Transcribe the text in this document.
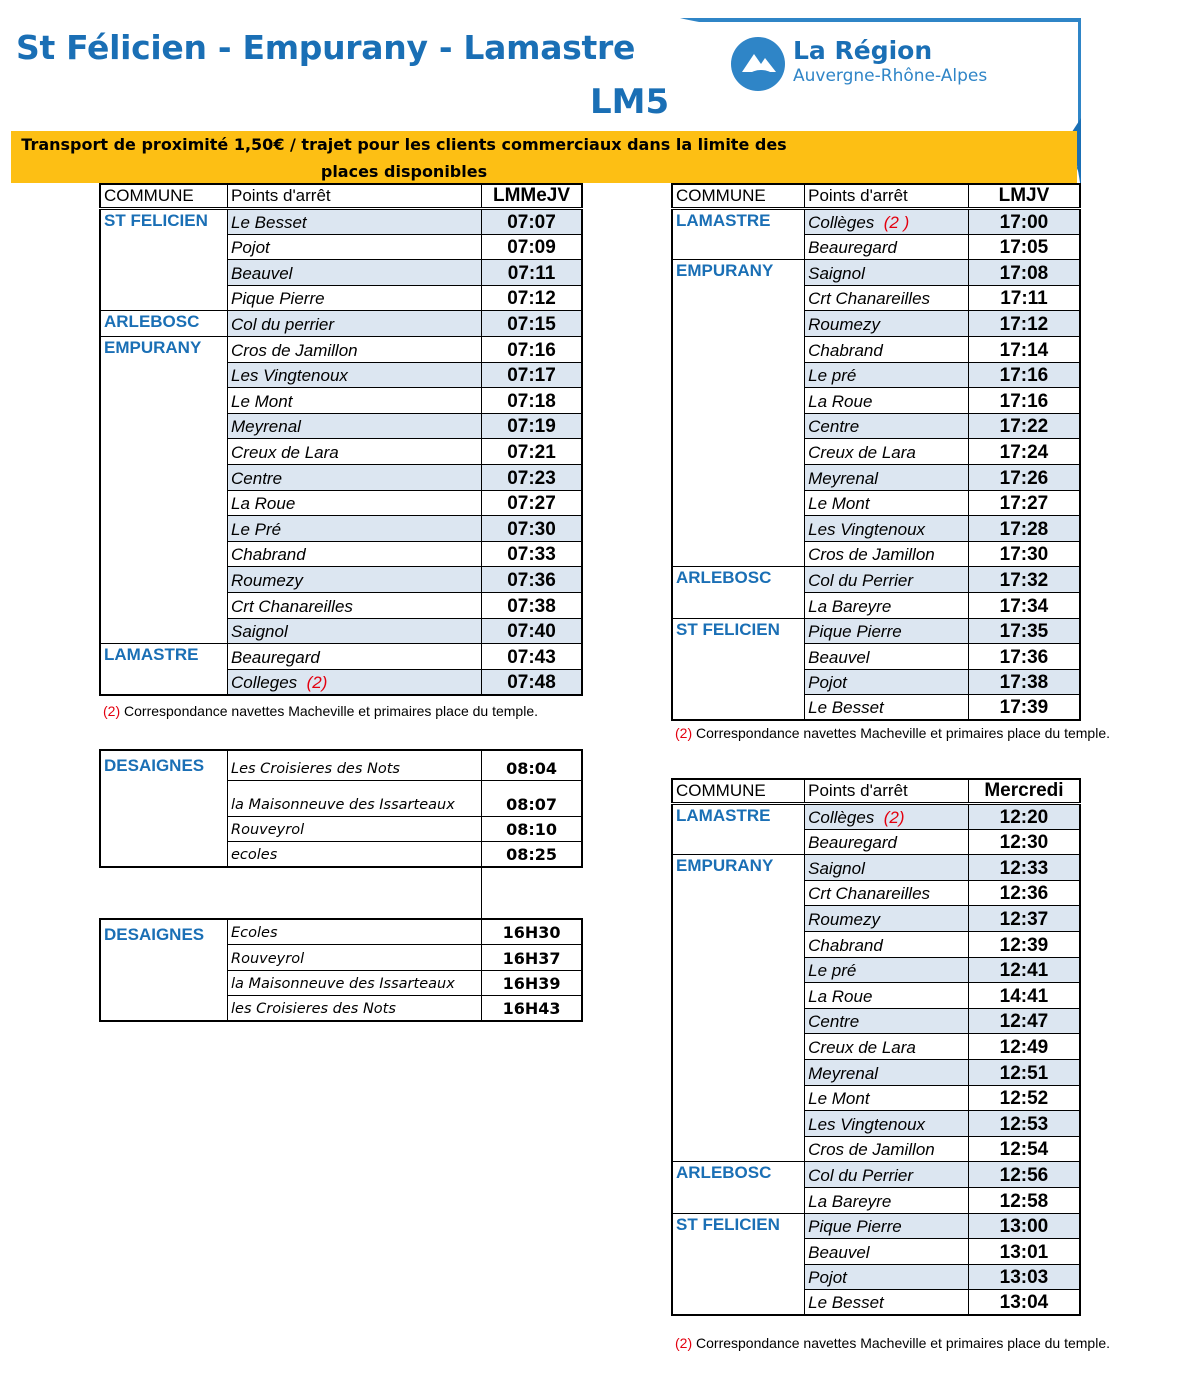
St Félicien - Empurany - Lamastre
LM5
La Région
Auvergne-Rhône-Alpes
Transport de proximité 1,50€ / trajet pour les clients commerciaux dans la limite des
places disponibles
COMMUNE	Points d'arrêt	LMMeJV
ST FELICIEN	Le Besset	07:07
	Pojot	07:09
	Beauvel	07:11
	Pique Pierre	07:12
ARLEBOSC	Col du perrier	07:15
EMPURANY	Cros de Jamillon	07:16
	Les Vingtenoux	07:17
	Le Mont	07:18
	Meyrenal	07:19
	Creux de Lara	07:21
	Centre	07:23
	La Roue	07:27
	Le Pré	07:30
	Chabrand	07:33
	Roumezy	07:36
	Crt Chanareilles	07:38
	Saignol	07:40
LAMASTRE	Beauregard	07:43
	Colleges (2)	07:48
(2) Correspondance navettes Macheville et primaires place du temple.
COMMUNE	Points d'arrêt	LMJV
LAMASTRE	Collèges (2 )	17:00
	Beauregard	17:05
EMPURANY	Saignol	17:08
	Crt Chanareilles	17:11
	Roumezy	17:12
	Chabrand	17:14
	Le pré	17:16
	La Roue	17:16
	Centre	17:22
	Creux de Lara	17:24
	Meyrenal	17:26
	Le Mont	17:27
	Les Vingtenoux	17:28
	Cros de Jamillon	17:30
ARLEBOSC	Col du Perrier	17:32
	La Bareyre	17:34
ST FELICIEN	Pique Pierre	17:35
	Beauvel	17:36
	Pojot	17:38
	Le Besset	17:39
(2) Correspondance navettes Macheville et primaires place du temple.
COMMUNE	Points d'arrêt	Mercredi
LAMASTRE	Collèges (2)	12:20
	Beauregard	12:30
EMPURANY	Saignol	12:33
	Crt Chanareilles	12:36
	Roumezy	12:37
	Chabrand	12:39
	Le pré	12:41
	La Roue	14:41
	Centre	12:47
	Creux de Lara	12:49
	Meyrenal	12:51
	Le Mont	12:52
	Les Vingtenoux	12:53
	Cros de Jamillon	12:54
ARLEBOSC	Col du Perrier	12:56
	La Bareyre	12:58
ST FELICIEN	Pique Pierre	13:00
	Beauvel	13:01
	Pojot	13:03
	Le Besset	13:04
(2) Correspondance navettes Macheville et primaires place du temple.
DESAIGNES	Les Croisieres des Nots	08:04
	la Maisonneuve des Issarteaux	08:07
	Rouveyrol	08:10
	ecoles	08:25
DESAIGNES	Ecoles	16H30
	Rouveyrol	16H37
	la Maisonneuve des Issarteaux	16H39
	les Croisieres des Nots	16H43
